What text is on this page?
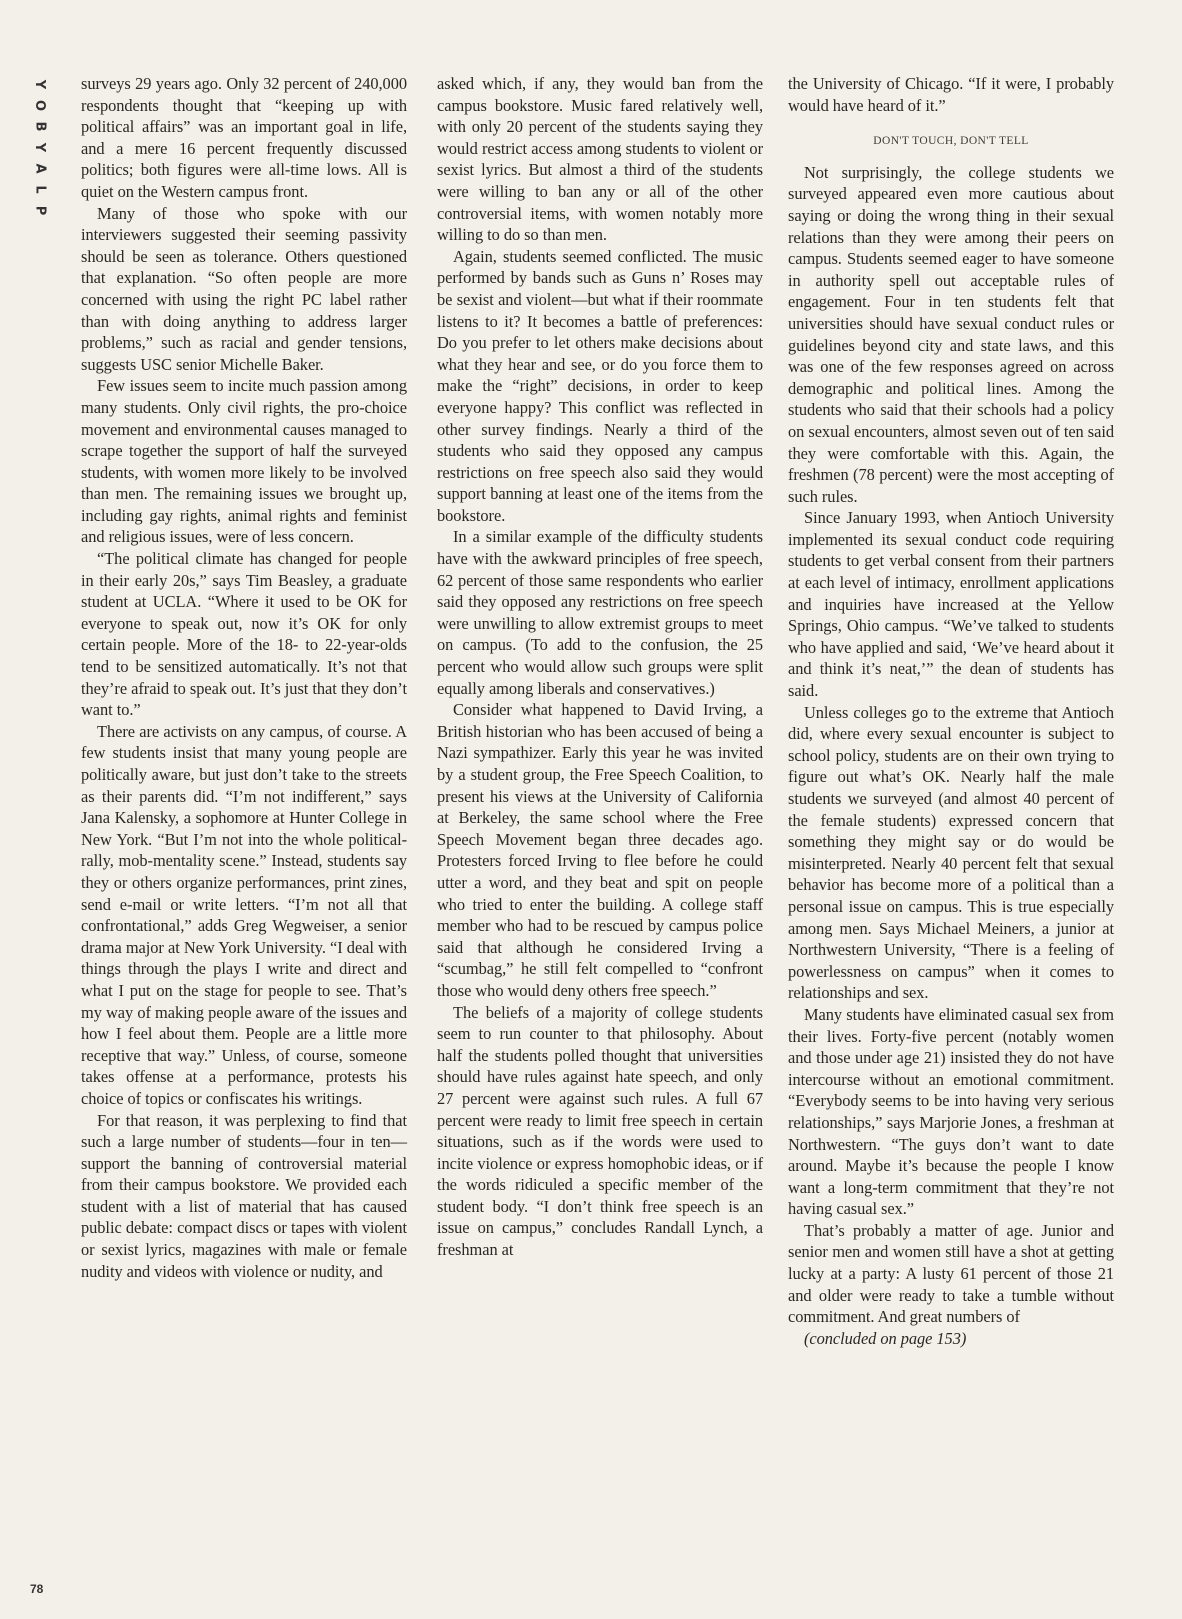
Y
O
B
Y
A
L
P

surveys 29 years ago. Only 32 percent of 240,000 respondents thought that “keeping up with political affairs” was an important goal in life, and a mere 16 percent frequently discussed politics; both figures were all-time lows. All is quiet on the Western campus front.

Many of those who spoke with our interviewers suggested their seeming passivity should be seen as tolerance. Others questioned that explanation. “So often people are more concerned with using the right PC label rather than with doing anything to address larger problems,” such as racial and gender tensions, suggests USC senior Michelle Baker.

Few issues seem to incite much passion among many students. Only civil rights, the pro-choice movement and environmental causes managed to scrape together the support of half the surveyed students, with women more likely to be involved than men. The remaining issues we brought up, including gay rights, animal rights and feminist and religious issues, were of less concern.

“The political climate has changed for people in their early 20s,” says Tim Beasley, a graduate student at UCLA. “Where it used to be OK for everyone to speak out, now it’s OK for only certain people. More of the 18- to 22-year-olds tend to be sensitized automatically. It’s not that they’re afraid to speak out. It’s just that they don’t want to.”

There are activists on any campus, of course. A few students insist that many young people are politically aware, but just don’t take to the streets as their parents did. “I’m not indifferent,” says Jana Kalensky, a sophomore at Hunter College in New York. “But I’m not into the whole political-rally, mob-mentality scene.” Instead, students say they or others organize performances, print zines, send e-mail or write letters. “I’m not all that confrontational,” adds Greg Wegweiser, a senior drama major at New York University. “I deal with things through the plays I write and direct and what I put on the stage for people to see. That’s my way of making people aware of the issues and how I feel about them. People are a little more receptive that way.” Unless, of course, someone takes offense at a performance, protests his choice of topics or confiscates his writings.

For that reason, it was perplexing to find that such a large number of students—four in ten—support the banning of controversial material from their campus bookstore. We provided each student with a list of material that has caused public debate: compact discs or tapes with violent or sexist lyrics, magazines with male or female nudity and videos with violence or nudity, and

asked which, if any, they would ban from the campus bookstore. Music fared relatively well, with only 20 percent of the students saying they would restrict access among students to violent or sexist lyrics. But almost a third of the students were willing to ban any or all of the other controversial items, with women notably more willing to do so than men.

Again, students seemed conflicted. The music performed by bands such as Guns n’ Roses may be sexist and violent—but what if their roommate listens to it? It becomes a battle of preferences: Do you prefer to let others make decisions about what they hear and see, or do you force them to make the “right” decisions, in order to keep everyone happy? This conflict was reflected in other survey findings. Nearly a third of the students who said they opposed any campus restrictions on free speech also said they would support banning at least one of the items from the bookstore.

In a similar example of the difficulty students have with the awkward principles of free speech, 62 percent of those same respondents who earlier said they opposed any restrictions on free speech were unwilling to allow extremist groups to meet on campus. (To add to the confusion, the 25 percent who would allow such groups were split equally among liberals and conservatives.)

Consider what happened to David Irving, a British historian who has been accused of being a Nazi sympathizer. Early this year he was invited by a student group, the Free Speech Coalition, to present his views at the University of California at Berkeley, the same school where the Free Speech Movement began three decades ago. Protesters forced Irving to flee before he could utter a word, and they beat and spit on people who tried to enter the building. A college staff member who had to be rescued by campus police said that although he considered Irving a “scumbag,” he still felt compelled to “confront those who would deny others free speech.”

The beliefs of a majority of college students seem to run counter to that philosophy. About half the students polled thought that universities should have rules against hate speech, and only 27 percent were against such rules. A full 67 percent were ready to limit free speech in certain situations, such as if the words were used to incite violence or express homophobic ideas, or if the words ridiculed a specific member of the student body. “I don’t think free speech is an issue on campus,” concludes Randall Lynch, a freshman at

the University of Chicago. “If it were, I probably would have heard of it.”

DON'T TOUCH, DON'T TELL

Not surprisingly, the college students we surveyed appeared even more cautious about saying or doing the wrong thing in their sexual relations than they were among their peers on campus. Students seemed eager to have someone in authority spell out acceptable rules of engagement. Four in ten students felt that universities should have sexual conduct rules or guidelines beyond city and state laws, and this was one of the few responses agreed on across demographic and political lines. Among the students who said that their schools had a policy on sexual encounters, almost seven out of ten said they were comfortable with this. Again, the freshmen (78 percent) were the most accepting of such rules.

Since January 1993, when Antioch University implemented its sexual conduct code requiring students to get verbal consent from their partners at each level of intimacy, enrollment applications and inquiries have increased at the Yellow Springs, Ohio campus. “We’ve talked to students who have applied and said, ‘We’ve heard about it and think it’s neat,’” the dean of students has said.

Unless colleges go to the extreme that Antioch did, where every sexual encounter is subject to school policy, students are on their own trying to figure out what’s OK. Nearly half the male students we surveyed (and almost 40 percent of the female students) expressed concern that something they might say or do would be misinterpreted. Nearly 40 percent felt that sexual behavior has become more of a political than a personal issue on campus. This is true especially among men. Says Michael Meiners, a junior at Northwestern University, “There is a feeling of powerlessness on campus” when it comes to relationships and sex.

Many students have eliminated casual sex from their lives. Forty-five percent (notably women and those under age 21) insisted they do not have intercourse without an emotional commitment. “Everybody seems to be into having very serious relationships,” says Marjorie Jones, a freshman at Northwestern. “The guys don’t want to date around. Maybe it’s because the people I know want a long-term commitment that they’re not having casual sex.”

That’s probably a matter of age. Junior and senior men and women still have a shot at getting lucky at a party: A lusty 61 percent of those 21 and older were ready to take a tumble without commitment. And great numbers of

(concluded on page 153)

78
